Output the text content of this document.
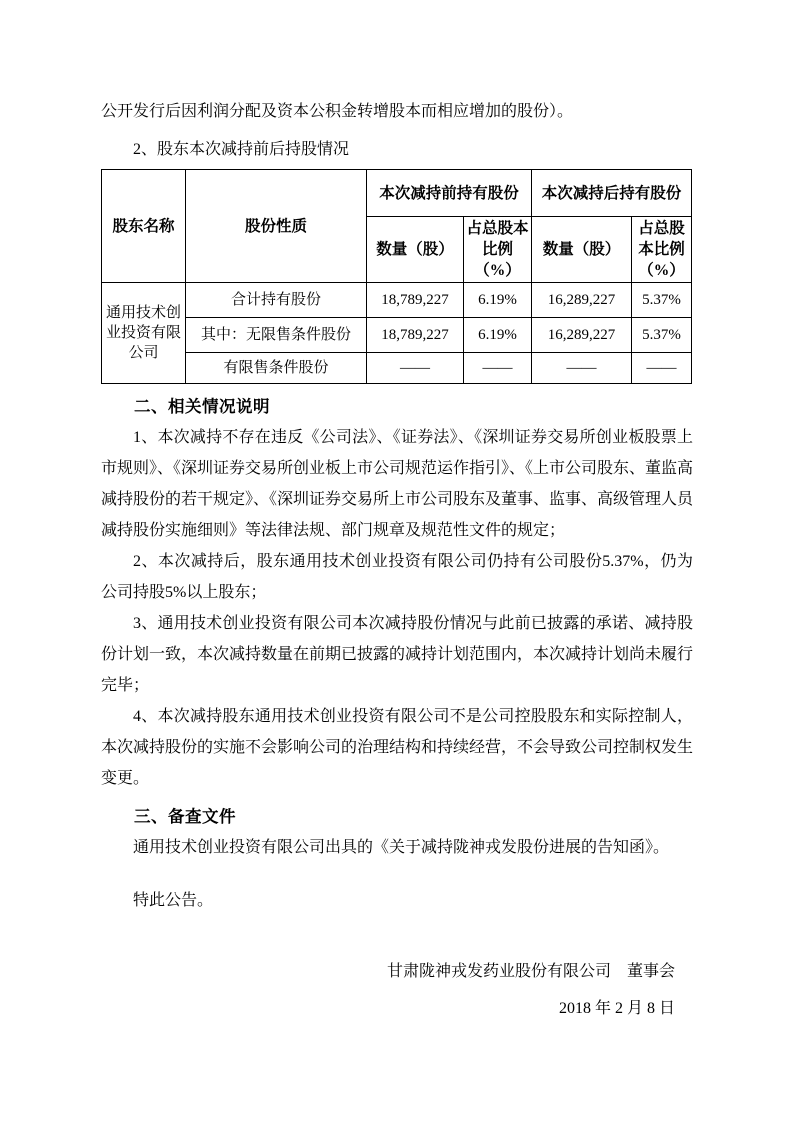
公开发行后因利润分配及资本公积金转增股本而相应增加的股份）。

2、股东本次减持前后持股情况

股东名称	股份性质	本次减持前持有股份		本次减持后持有股份	
		数量（股）	占总股本比例（%）	数量（股）	占总股本比例（%）
通用技术创业投资有限公司	合计持有股份	18,789,227	6.19%	16,289,227	5.37%
	其中：无限售条件股份	18,789,227	6.19%	16,289,227	5.37%
	有限售条件股份	——	——	——	——

二、相关情况说明

1、本次减持不存在违反《公司法》、《证券法》、《深圳证券交易所创业板股票上市规则》、《深圳证券交易所创业板上市公司规范运作指引》、《上市公司股东、董监高减持股份的若干规定》、《深圳证券交易所上市公司股东及董事、监事、高级管理人员减持股份实施细则》等法律法规、部门规章及规范性文件的规定；

2、本次减持后，股东通用技术创业投资有限公司仍持有公司股份5.37%，仍为公司持股5%以上股东；

3、通用技术创业投资有限公司本次减持股份情况与此前已披露的承诺、减持股份计划一致，本次减持数量在前期已披露的减持计划范围内，本次减持计划尚未履行完毕；

4、本次减持股东通用技术创业投资有限公司不是公司控股股东和实际控制人，本次减持股份的实施不会影响公司的治理结构和持续经营，不会导致公司控制权发生变更。

三、备查文件

通用技术创业投资有限公司出具的《关于减持陇神戎发股份进展的告知函》。

特此公告。

甘肃陇神戎发药业股份有限公司　董事会

2018 年 2 月 8 日
